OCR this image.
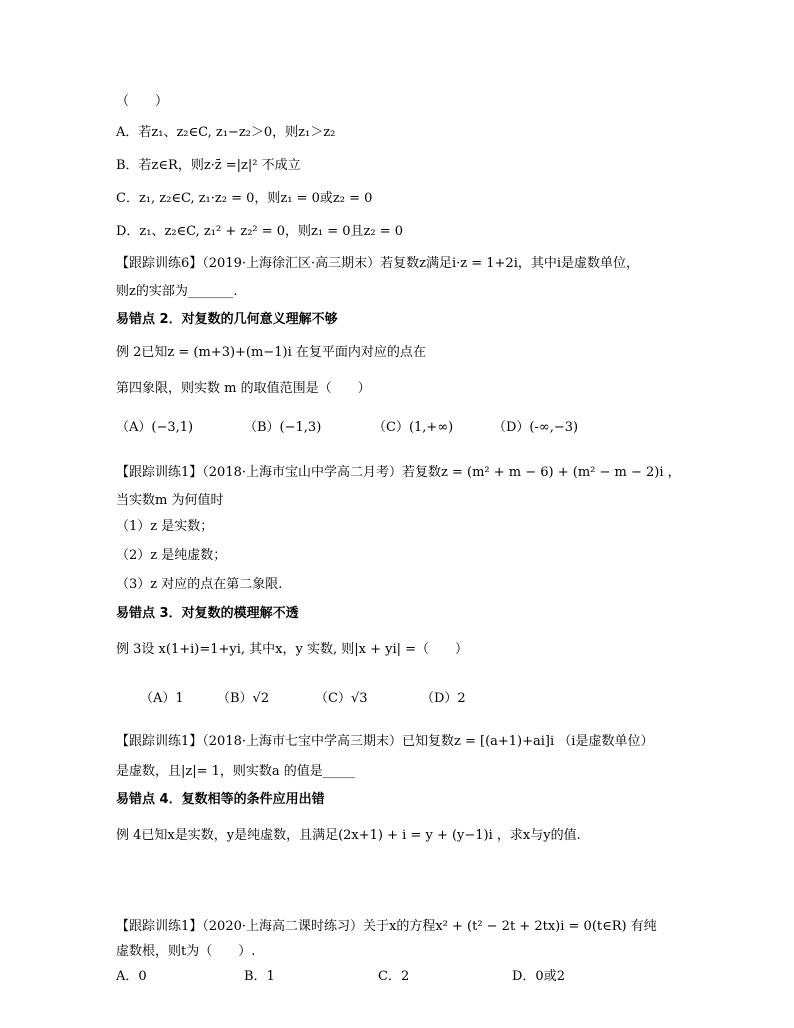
（　　）
A．若z₁、z₂∈C, z₁−z₂＞0，则z₁＞z₂
B．若z∈R，则z·z̄ =|z|² 不成立
C．z₁, z₂∈C, z₁·z₂ = 0，则z₁ = 0或z₂ = 0
D．z₁、z₂∈C, z₁² + z₂² = 0，则z₁ = 0且z₂ = 0
【跟踪训练6】（2019·上海徐汇区·高三期末）若复数z满足i·z = 1+2i，其中i是虚数单位，
则z的实部为_______.
易错点 2．对复数的几何意义理解不够
例 2已知z = (m+3)+(m−1)i 在复平面内对应的点在
第四象限，则实数 m 的取值范围是（　　）
（A）(−3,1)	（B）(−1,3)	（C）(1,+∞)	（D）(-∞,−3)
【跟踪训练1】（2018·上海市宝山中学高二月考）若复数z = (m² + m − 6) + (m² − m − 2)i ，
当实数m 为何值时
（1）z 是实数；
（2）z 是纯虚数；
（3）z 对应的点在第二象限.
易错点 3．对复数的模理解不透
例 3设 x(1+i)=1+yi, 其中x，y 实数, 则|x + yi| =（　　）
（A）1	（B）√2	（C）√3	（D）2
【跟踪训练1】（2018·上海市七宝中学高三期末）已知复数z = [(a+1)+ai]i （i是虚数单位）
是虚数，且|z|= 1，则实数a 的值是_____
易错点 4．复数相等的条件应用出错
例 4已知x是实数，y是纯虚数，且满足(2x+1) + i = y + (y−1)i ，求x与y的值.
【跟踪训练1】（2020·上海高二课时练习）关于x的方程x² + (t² − 2t + 2tx)i = 0(t∈R) 有纯
虚数根，则t为（　　）.
A．0	B．1	C．2	D．0或2
